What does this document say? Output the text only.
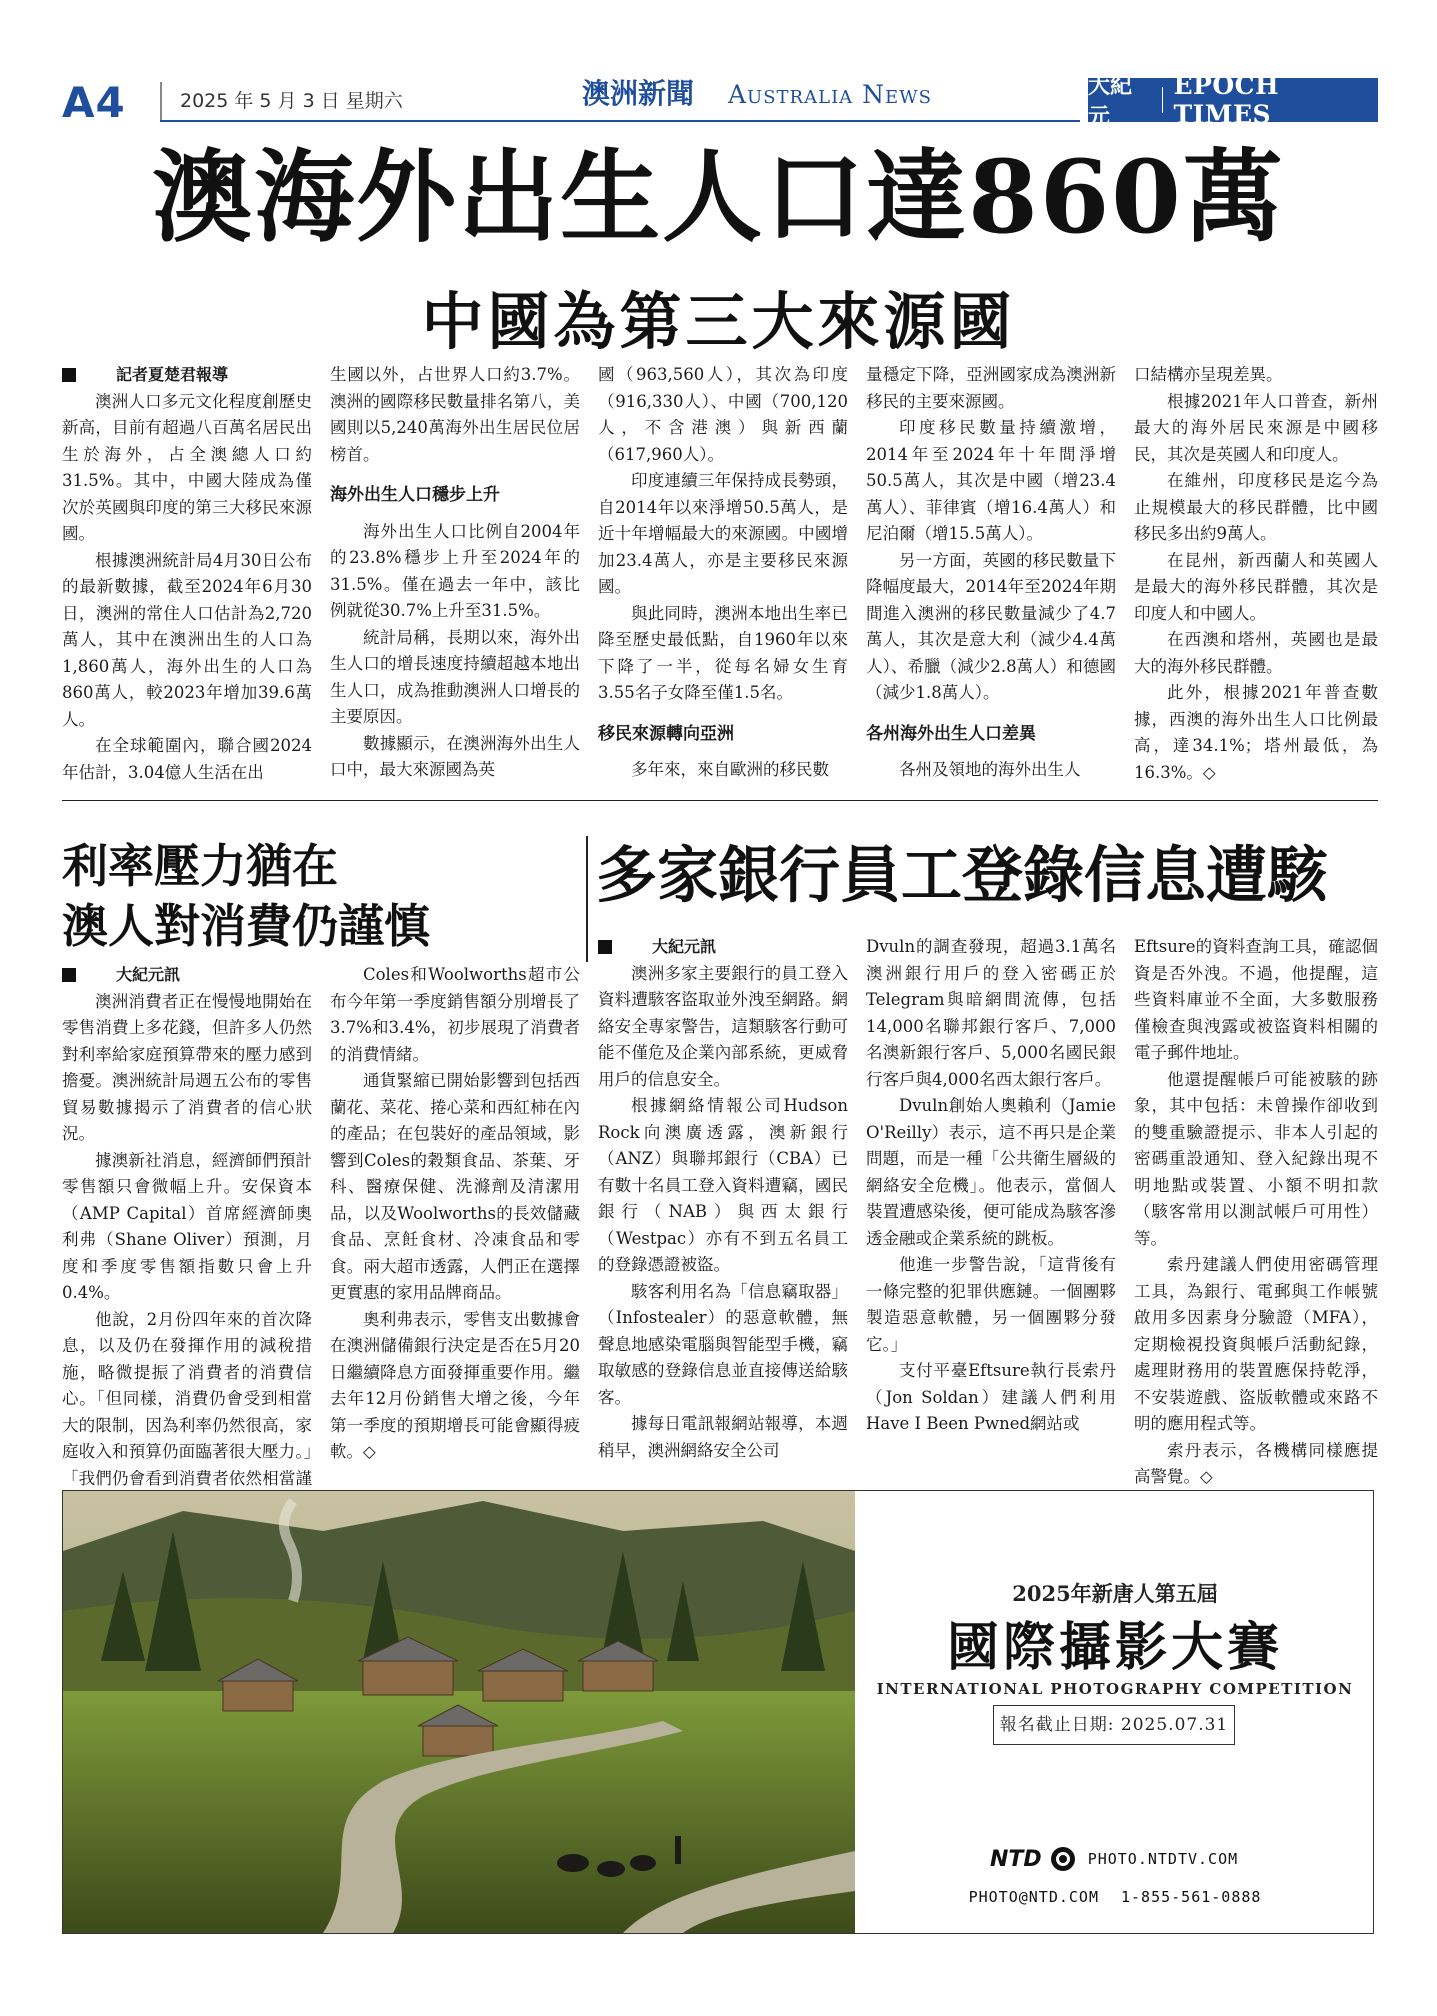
A4	2025 年 5 月 3 日 星期六	澳洲新聞 Australia News	大紀元
EPOCH TIMES
澳海外出生人口達860萬
中國為第三大來源國

記者夏楚君報導

澳洲人口多元文化程度創歷史新高，目前有超過八百萬名居民出生於海外，占全澳總人口約31.5%。其中，中國大陸成為僅次於英國與印度的第三大移民來源國。

根據澳洲統計局4月30日公布的最新數據，截至2024年6月30日，澳洲的常住人口估計為2,720萬人，其中在澳洲出生的人口為1,860萬人，海外出生的人口為860萬人，較2023年增加39.6萬人。

在全球範圍內，聯合國2024年估計，3.04億人生活在出

生國以外，占世界人口約3.7%。澳洲的國際移民數量排名第八，美國則以5,240萬海外出生居民位居榜首。

海外出生人口穩步上升

海外出生人口比例自2004年的23.8%穩步上升至2024年的31.5%。僅在過去一年中，該比例就從30.7%上升至31.5%。

統計局稱，長期以來，海外出生人口的增長速度持續超越本地出生人口，成為推動澳洲人口增長的主要原因。

數據顯示，在澳洲海外出生人口中，最大來源國為英

國（963,560人），其次為印度（916,330人）、中國（700,120人，不含港澳）與新西蘭（617,960人）。

印度連續三年保持成長勢頭，自2014年以來淨增50.5萬人，是近十年增幅最大的來源國。中國增加23.4萬人，亦是主要移民來源國。

與此同時，澳洲本地出生率已降至歷史最低點，自1960年以來下降了一半，從每名婦女生育3.55名子女降至僅1.5名。

移民來源轉向亞洲

多年來，來自歐洲的移民數

量穩定下降，亞洲國家成為澳洲新移民的主要來源國。

印度移民數量持續激增，2014年至2024年十年間淨增50.5萬人，其次是中國（增23.4萬人）、菲律賓（增16.4萬人）和尼泊爾（增15.5萬人）。

另一方面，英國的移民數量下降幅度最大，2014年至2024年期間進入澳洲的移民數量減少了4.7萬人，其次是意大利（減少4.4萬人）、希臘（減少2.8萬人）和德國（減少1.8萬人）。

各州海外出生人口差異

各州及領地的海外出生人

口結構亦呈現差異。

根據2021年人口普查，新州最大的海外居民來源是中國移民，其次是英國人和印度人。

在維州，印度移民是迄今為止規模最大的移民群體，比中國移民多出約9萬人。

在昆州，新西蘭人和英國人是最大的海外移民群體，其次是印度人和中國人。

在西澳和塔州，英國也是最大的海外移民群體。

此外，根據2021年普查數據，西澳的海外出生人口比例最高，達34.1%；塔州最低，為16.3%。◇

利率壓力猶在
澳人對消費仍謹慎

大紀元訊

澳洲消費者正在慢慢地開始在零售消費上多花錢，但許多人仍然對利率給家庭預算帶來的壓力感到擔憂。澳洲統計局週五公布的零售貿易數據揭示了消費者的信心狀況。

據澳新社消息，經濟師們預計零售額只會微幅上升。安保資本（AMP Capital）首席經濟師奧利弗（Shane Oliver）預測，月度和季度零售額指數只會上升0.4%。

他說，2月份四年來的首次降息，以及仍在發揮作用的減稅措施，略微提振了消費者的消費信心。「但同樣，消費仍會受到相當大的限制，因為利率仍然很高，家庭收入和預算仍面臨著很大壓力。」「我們仍會看到消費者依然相當謹

Coles和Woolworths超市公布今年第一季度銷售額分別增長了3.7%和3.4%，初步展現了消費者的消費情緒。

通貨緊縮已開始影響到包括西蘭花、菜花、捲心菜和西紅柿在內的產品；在包裝好的產品領域，影響到Coles的穀類食品、茶葉、牙科、醫療保健、洗滌劑及清潔用品，以及Woolworths的長效儲藏食品、烹飪食材、冷凍食品和零食。兩大超市透露，人們正在選擇更實惠的家用品牌商品。

奧利弗表示，零售支出數據會在澳洲儲備銀行決定是否在5月20日繼續降息方面發揮重要作用。繼去年12月份銷售大增之後，今年第一季度的預期增長可能會顯得疲軟。◇

多家銀行員工登錄信息遭駭

大紀元訊

澳洲多家主要銀行的員工登入資料遭駭客盜取並外洩至網路。網絡安全專家警告，這類駭客行動可能不僅危及企業內部系統，更威脅用戶的信息安全。

根據網絡情報公司Hudson Rock向澳廣透露，澳新銀行（ANZ）與聯邦銀行（CBA）已有數十名員工登入資料遭竊，國民銀行（NAB）與西太銀行（Westpac）亦有不到五名員工的登錄憑證被盜。

駭客利用名為「信息竊取器」（Infostealer）的惡意軟體，無聲息地感染電腦與智能型手機，竊取敏感的登錄信息並直接傳送給駭客。

據每日電訊報網站報導，本週稍早，澳洲網絡安全公司

Dvuln的調查發現，超過3.1萬名澳洲銀行用戶的登入密碼正於Telegram與暗網間流傳，包括14,000名聯邦銀行客戶、7,000名澳新銀行客戶、5,000名國民銀行客戶與4,000名西太銀行客戶。

Dvuln創始人奧賴利（Jamie O'Reilly）表示，這不再只是企業問題，而是一種「公共衛生層級的網絡安全危機」。他表示，當個人裝置遭感染後，便可能成為駭客滲透金融或企業系統的跳板。

他進一步警告說，「這背後有一條完整的犯罪供應鏈。一個團夥製造惡意軟體，另一個團夥分發它。」

支付平臺Eftsure執行長索丹（Jon Soldan）建議人們利用Have I Been Pwned網站或

Eftsure的資料查詢工具，確認個資是否外洩。不過，他提醒，這些資料庫並不全面，大多數服務僅檢查與洩露或被盜資料相關的電子郵件地址。

他還提醒帳戶可能被駭的跡象，其中包括：未曾操作卻收到的雙重驗證提示、非本人引起的密碼重設通知、登入紀錄出現不明地點或裝置、小額不明扣款（駭客常用以測試帳戶可用性）等。

索丹建議人們使用密碼管理工具，為銀行、電郵與工作帳號啟用多因素身分驗證（MFA），定期檢視投資與帳戶活動紀錄，處理財務用的裝置應保持乾淨，不安裝遊戲、盜版軟體或來路不明的應用程式等。

索丹表示，各機構同樣應提高警覺。◇

2025年新唐人第五屆
國際攝影大賽
INTERNATIONAL PHOTOGRAPHY COMPETITION
報名截止日期: 2025.07.31
NTD	PHOTO.NTDTV.COM
PHOTO@NTD.COM 1-855-561-0888
